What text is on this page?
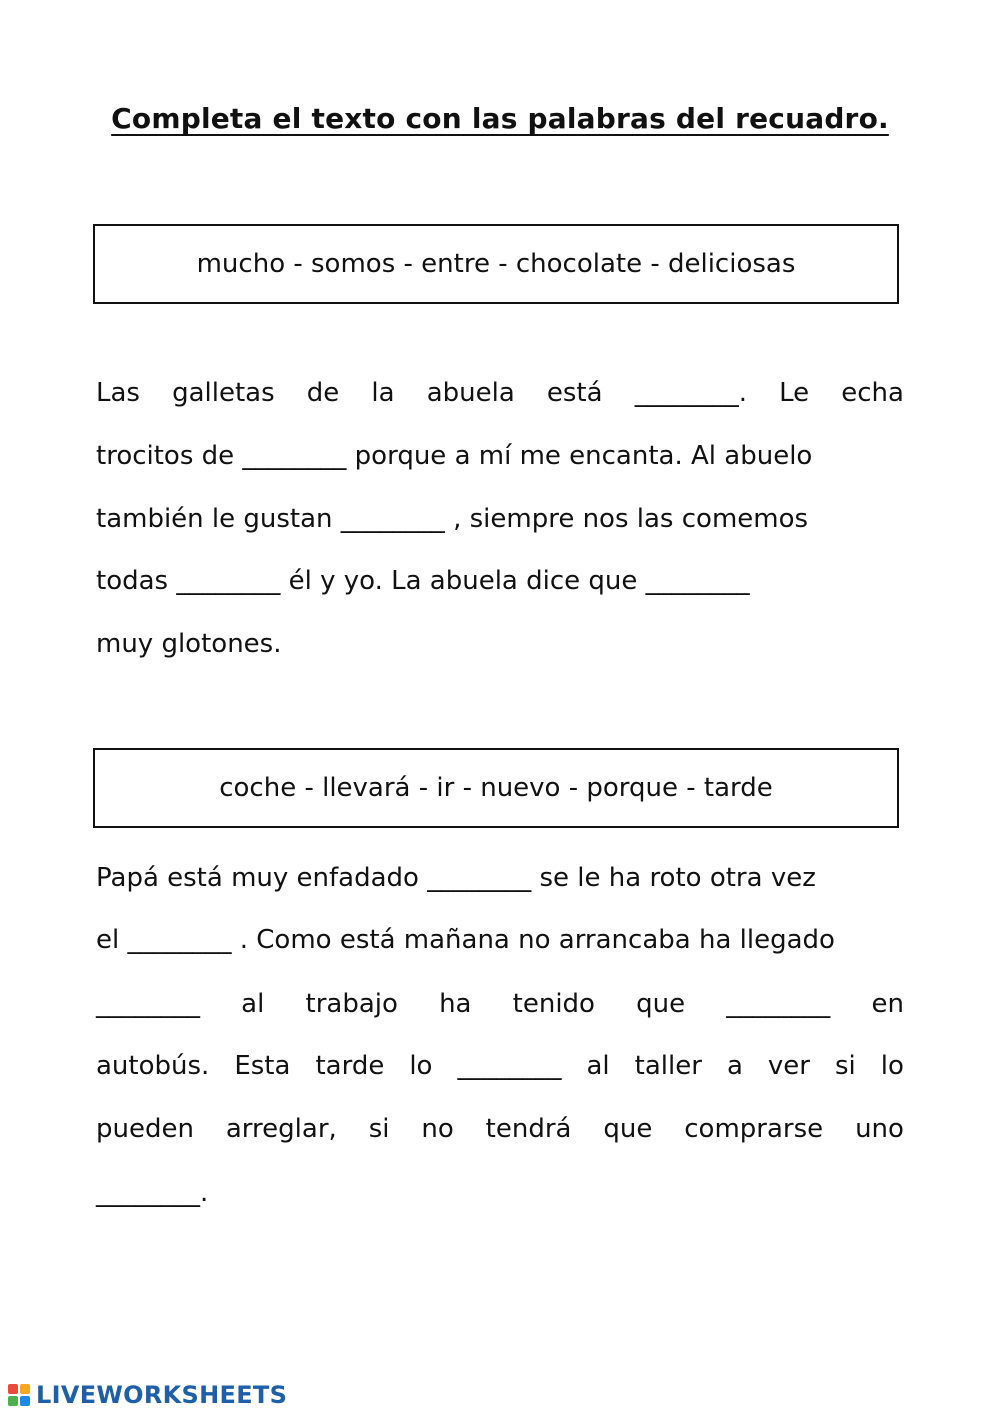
Completa el texto con las palabras del recuadro.
mucho - somos - entre - chocolate - deliciosas
Las galletas de la abuela está ________. Le echa
trocitos de ________ porque a mí me encanta. Al abuelo
también le gustan ________ , siempre nos las comemos
todas ________ él y yo. La abuela dice que ________
muy glotones.
coche - llevará - ir - nuevo - porque - tarde
Papá está muy enfadado ________ se le ha roto otra vez
el ________ . Como está mañana no arrancaba ha llegado
________ al trabajo ha tenido que ________ en
autobús. Esta tarde lo ________ al taller a ver si lo
pueden arreglar, si no tendrá que comprarse uno
________.
LIVEWORKSHEETS
